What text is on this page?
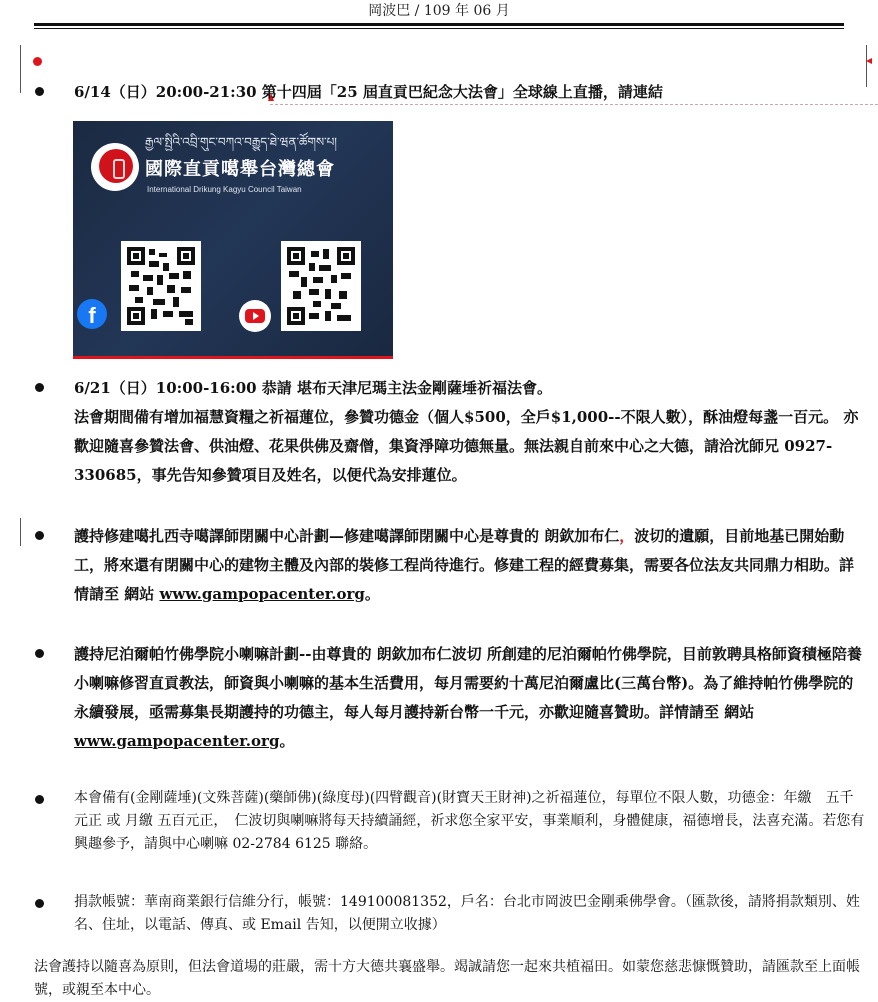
岡波巴 / 109 年 06 月
6/14（日）20:00-21:30 第十四屆「25 屆直貢巴紀念大法會」全球線上直播，請連結
རྒྱལ་སྤྱིའི་འབྲི་གུང་བཀའ་བརྒྱུད་ཐེ་ཝན་ཚོགས་པ།
國際直貢噶舉台灣總會
International Drikung Kagyu Council Taiwan
f
6/21（日）10:00-16:00 恭請 堪布天津尼瑪主法金剛薩埵祈福法會。
法會期間備有增加福慧資糧之祈福蓮位，參贊功德金（個人$500，全戶$1,000--不限人數），酥油燈每盞一百元。 亦歡迎隨喜參贊法會、供油燈、花果供佛及齋僧，集資淨障功德無量。無法親自前來中心之大德，請洽沈師兄 0927-330685，事先告知參贊項目及姓名，以便代為安排蓮位。
護持修建噶扎西寺噶譯師閉關中心計劃—修建噶譯師閉關中心是尊貴的 朗欽加布仁，波切的遺願，目前地基已開始動工，將來還有閉關中心的建物主體及內部的裝修工程尚待進行。修建工程的經費募集，需要各位法友共同鼎力相助。詳情請至 網站 www.gampopacenter.org。
護持尼泊爾帕竹佛學院小喇嘛計劃--由尊貴的 朗欽加布仁波切 所創建的尼泊爾帕竹佛學院，目前敦聘具格師資積極陪養小喇嘛修習直貢教法，師資與小喇嘛的基本生活費用，每月需要約十萬尼泊爾盧比(三萬台幣)。為了維持帕竹佛學院的永續發展，亟需募集長期護持的功德主，每人每月護持新台幣一千元，亦歡迎隨喜贊助。詳情請至 網站 www.gampopacenter.org。
本會備有(金剛薩埵)(文殊菩薩)(藥師佛)(綠度母)(四臂觀音)(財寶天王財神)之祈福蓮位，每單位不限人數，功德金：年繳　五千元正 或 月繳 五百元正，　仁波切與喇嘛將每天持續誦經，祈求您全家平安，事業順利，身體健康，福德增長，法喜充滿。若您有興趣參予，請與中心喇嘛 02-2784 6125 聯絡。
捐款帳號：華南商業銀行信維分行，帳號：149100081352，戶名：台北市岡波巴金剛乘佛學會。（匯款後，請將捐款類別、姓名、住址，以電話、傳真、或 Email 告知，以便開立收據）
法會護持以隨喜為原則，但法會道場的莊嚴，需十方大德共襄盛舉。竭誠請您一起來共植福田。如蒙您慈悲慷慨贊助，請匯款至上面帳號，或親至本中心。
